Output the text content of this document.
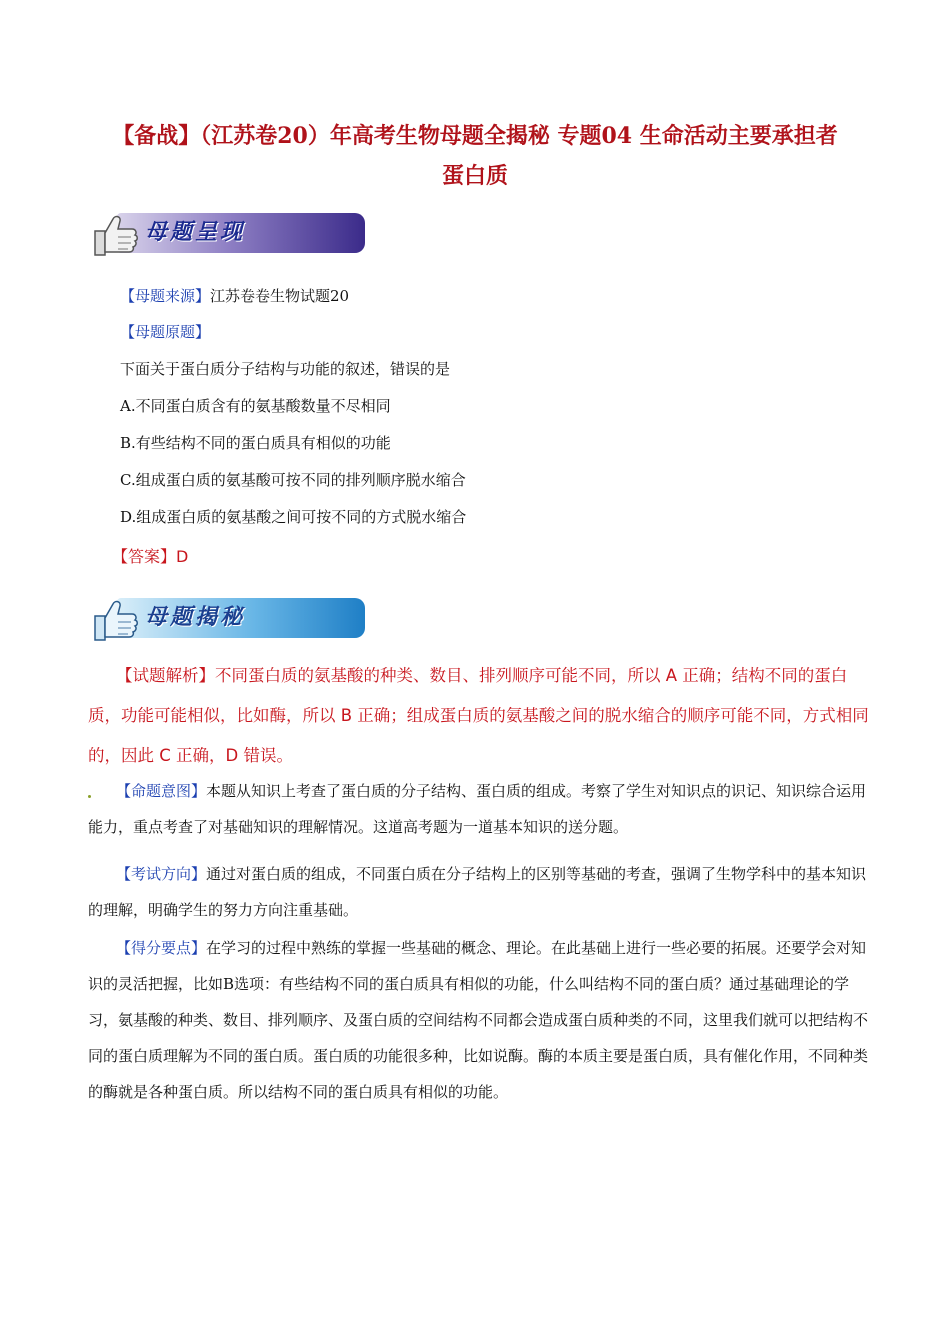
【备战】（江苏卷20）年高考生物母题全揭秘 专题04 生命活动主要承担者
蛋白质
母题呈现
【母题来源】江苏卷卷生物试题20
【母题原题】
下面关于蛋白质分子结构与功能的叙述，错误的是
A.不同蛋白质含有的氨基酸数量不尽相同
B.有些结构不同的蛋白质具有相似的功能
C.组成蛋白质的氨基酸可按不同的排列顺序脱水缩合
D.组成蛋白质的氨基酸之间可按不同的方式脱水缩合
【答案】D
母题揭秘
【试题解析】不同蛋白质的氨基酸的种类、数目、排列顺序可能不同，所以 A 正确；结构不同的蛋白质，功能可能相似，比如酶，所以 B 正确；组成蛋白质的氨基酸之间的脱水缩合的顺序可能不同，方式相同的，因此 C 正确，D 错误。
【命题意图】本题从知识上考查了蛋白质的分子结构、蛋白质的组成。考察了学生对知识点的识记、知识综合运用能力，重点考查了对基础知识的理解情况。这道高考题为一道基本知识的送分题。
【考试方向】通过对蛋白质的组成，不同蛋白质在分子结构上的区别等基础的考查，强调了生物学科中的基本知识的理解，明确学生的努力方向注重基础。
【得分要点】在学习的过程中熟练的掌握一些基础的概念、理论。在此基础上进行一些必要的拓展。还要学会对知识的灵活把握，比如B选项：有些结构不同的蛋白质具有相似的功能，什么叫结构不同的蛋白质？通过基础理论的学习，氨基酸的种类、数目、排列顺序、及蛋白质的空间结构不同都会造成蛋白质种类的不同，这里我们就可以把结构不同的蛋白质理解为不同的蛋白质。蛋白质的功能很多种，比如说酶。酶的本质主要是蛋白质，具有催化作用，不同种类的酶就是各种蛋白质。所以结构不同的蛋白质具有相似的功能。
